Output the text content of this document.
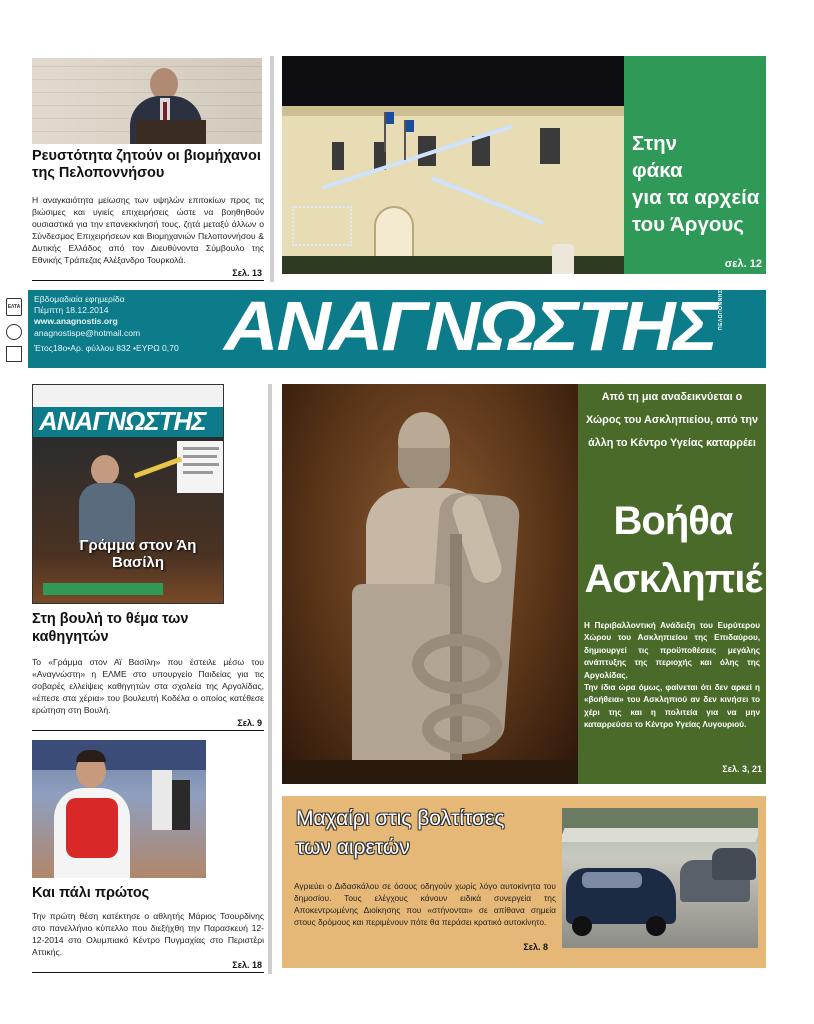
Ρευστότητα ζητούν οι βιομήχανοι της Πελοποννήσου
Η αναγκαιότητα μείωσης των υψηλών επιτοκίων προς τις βιώσιμες και υγιείς επιχειρήσεις ώστε να βοηθηθούν ουσιαστικά για την επανεκκίνησή τους, ζητά μεταξύ άλλων ο Σύνδεσμος Επιχειρήσεων και Βιομηχανιών Πελοποννήσου & Δυτικής Ελλάδος από τον Διευθύνοντα Σύμβουλο της Εθνικής Τράπεζας Αλέξανδρο Τουρκολά.
Σελ. 13
Στην
φάκα
για τα αρχεία
του Άργους
σελ. 12
ΕΛΤΑ
Εβδομαδιαία εφημερίδα
Πέμπτη 18.12.2014
www.anagnostis.org
anagnostispe@hotmail.com
Έτος18ο•Αρ. φύλλου 832 •ΕΥΡΩ 0,70 ΑΝΑΓΝΩΣΤΗΣ ΠΕΛΟΠΟΝΝΗΣΟΥ
ΑΝΑΓΝΩΣΤΗΣ
Γράμμα στον Άη Βασίλη
Στη βουλή το θέμα των καθηγητών
Το «Γράμμα στον Αϊ Βασίλη» που έστειλε μέσω του «Αναγνώστη» η ΕΛΜΕ στο υπουργείο Παιδείας για τις σοβαρές ελλείψεις καθηγητών στα σχολεία της Αργολίδας, «έπεσε στα χέρια» του βουλευτή Κοδέλα ο οποίος κατέθεσε ερώτηση στη Βουλή.
Σελ. 9
Και πάλι πρώτος
Την πρώτη θέση κατέκτησε ο αθλητής Μάριος Τσουρδίνης στο πανελλήνιο κύπελλο που διεξήχθη την Παρασκευή 12-12-2014 στο Ολυμπιακό Κέντρο Πυγμαχίας στο Περιστέρι Αττικής.
Σελ. 18
Από τη μια αναδεικνύεται ο Χώρος του Ασκληπιείου, από την άλλη το Κέντρο Υγείας καταρρέει
Βοήθα
Ασκληπιέ
Η Περιβαλλοντική Ανάδειξη του Ευρύτερου Χώρου του Ασκληπιείου της Επιδαύρου, δημιουργεί τις προϋποθέσεις μεγάλης ανάπτυξης της περιοχής και όλης της Αργολίδας.
Την ίδια ώρα όμως, φαίνεται ότι δεν αρκεί η «βοήθεια» του Ασκληπιού αν δεν κινήσει το χέρι της και η πολιτεία για να μην καταρρεύσει το Κέντρο Υγείας Λυγουριού.
Σελ. 3, 21
Μαχαίρι στις βολτίτσες
των αιρετών
Αγριεύει ο Διδασκάλου σε όσους οδηγούν χωρίς λόγο αυτοκίνητα του δημοσίου. Τους ελέγχους κάνουν ειδικά συνεργεία της Αποκεντρωμένης Διοίκησης που «στήνονται» σε απίθανα σημεία στους δρόμους και περιμένουν πότε θα περάσει κρατικό αυτοκίνητο.
Σελ. 8
